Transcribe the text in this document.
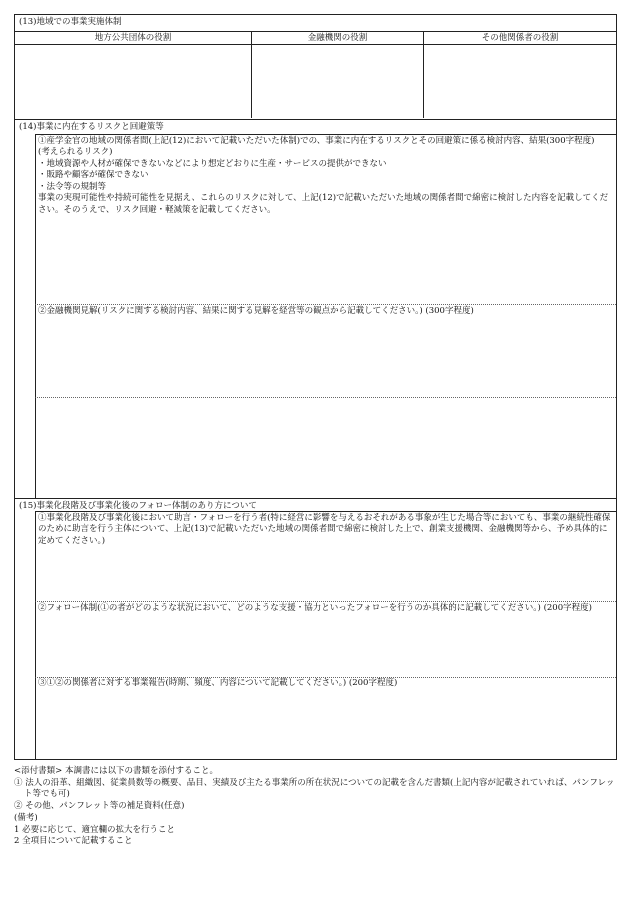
(13)地域での事業実施体制
地方公共団体の役割	金融機関の役割	その他関係者の役割
(14)事業に内在するリスクと回避策等
①産学金官の地域の関係者間(上記(12)において記載いただいた体制)での、事業に内在するリスクとその回避策に係る検討内容、結果(300字程度)
(考えられるリスク)
・地域資源や人材が確保できないなどにより想定どおりに生産・サービスの提供ができない
・販路や顧客が確保できない
・法令等の規制等
事業の実現可能性や持続可能性を見据え、これらのリスクに対して、上記(12)で記載いただいた地域の関係者間で綿密に検討した内容を記載してください。そのうえで、リスク回避・軽減策を記載してください。
②金融機関見解(リスクに関する検討内容、結果に関する見解を経営等の観点から記載してください。) (300字程度)
(15)事業化段階及び事業化後のフォロー体制のあり方について
①事業化段階及び事業化後において助言・フォローを行う者(特に経営に影響を与えるおそれがある事象が生じた場合等においても、事業の継続性確保のために助言を行う主体について、上記(13)で記載いただいた地域の関係者間で綿密に検討した上で、創業支援機関、金融機関等から、予め具体的に定めてください。)
②フォロー体制(①の者がどのような状況において、どのような支援・協力といったフォローを行うのか具体的に記載してください。) (200字程度)
③①②の関係者に対する事業報告(時期、頻度、内容について記載してください。) (200字程度)
<添付書類> 本調書には以下の書類を添付すること。
① 法人の沿革、組織図、従業員数等の概要、品目、実績及び主たる事業所の所在状況についての記載を含んだ書類(上記内容が記載されていれば、パンフレット等でも可)
② その他、パンフレット等の補足資料(任意)
(備考)
1 必要に応じて、適宜欄の拡大を行うこと
2 全項目について記載すること
